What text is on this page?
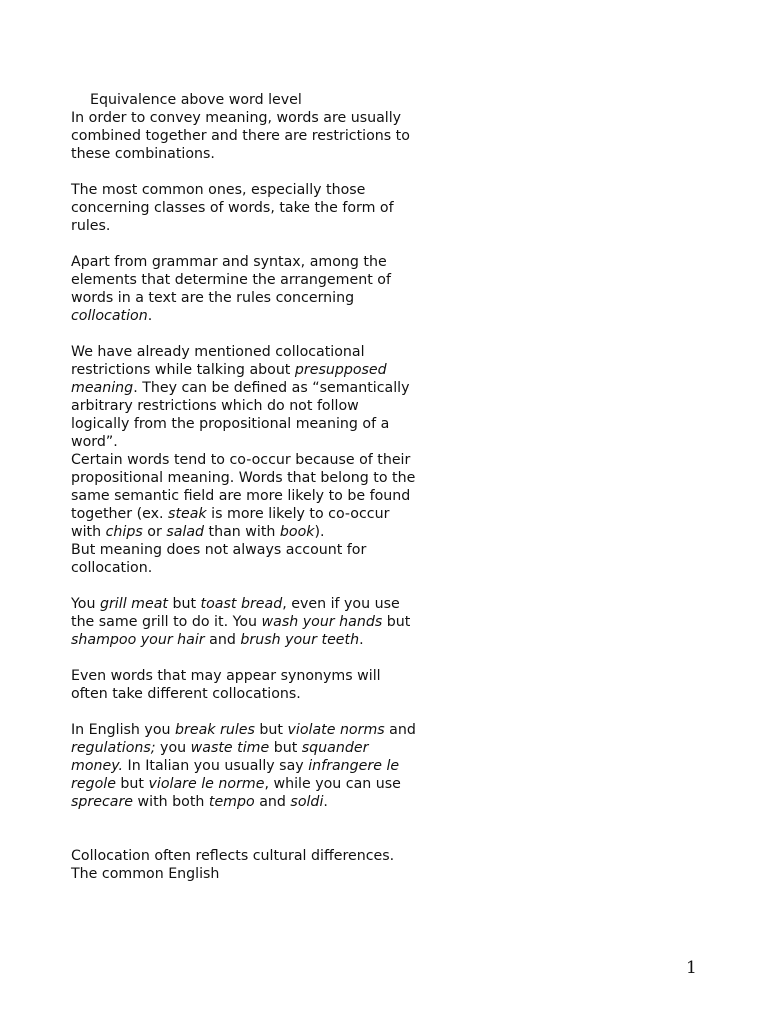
Equivalence above word level

In order to convey meaning, words are usually combined together and there are restrictions to these combinations.

The most common ones, especially those concerning classes of words, take the form of rules.

Apart from grammar and syntax, among the elements that determine the arrangement of words in a text are the rules concerning collocation.

We have already mentioned collocational restrictions while talking about presupposed meaning. They can be defined as “semantically arbitrary restrictions which do not follow logically from the propositional meaning of a word”.

Certain words tend to co-occur because of their propositional meaning. Words that belong to the same semantic field are more likely to be found together (ex. steak is more likely to co-occur with chips or salad than with book).

But meaning does not always account for collocation.

You grill meat but toast bread, even if you use the same grill to do it. You wash your hands but shampoo your hair and brush your teeth.

Even words that may appear synonyms will often take different collocations.

In English you break rules but violate norms and regulations; you waste time but squander money. In Italian you usually say infrangere le regole but violare le norme, while you can use sprecare with both tempo and soldi.

Collocation often reflects cultural differences. The common English

1
